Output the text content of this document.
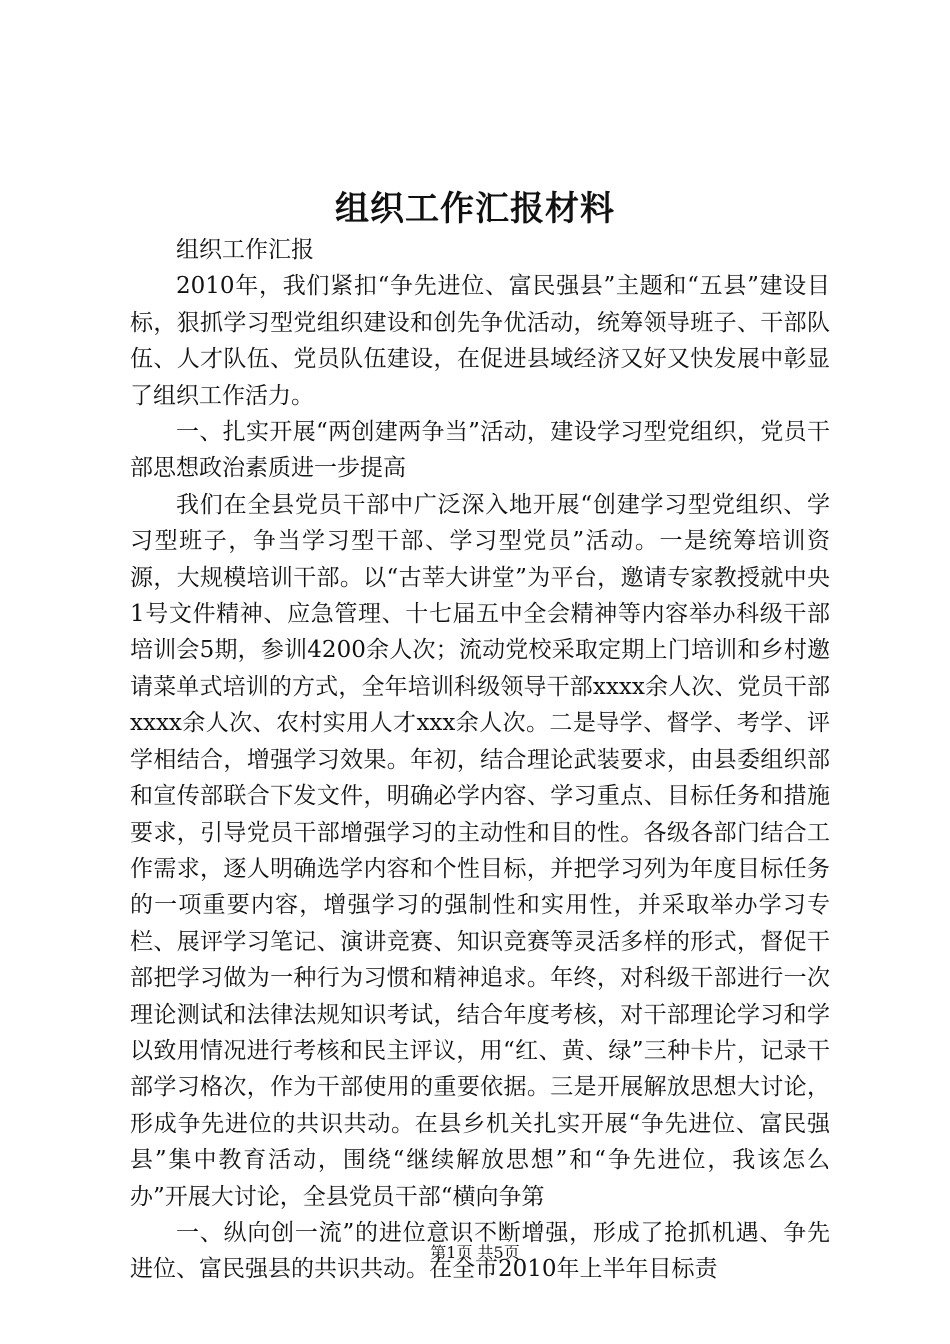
组织工作汇报材料

组织工作汇报

2010年，我们紧扣“争先进位、富民强县”主题和“五县”建设目标，狠抓学习型党组织建设和创先争优活动，统筹领导班子、干部队伍、人才队伍、党员队伍建设，在促进县域经济又好又快发展中彰显了组织工作活力。

一、扎实开展“两创建两争当”活动，建设学习型党组织，党员干部思想政治素质进一步提高

我们在全县党员干部中广泛深入地开展“创建学习型党组织、学习型班子，争当学习型干部、学习型党员”活动。一是统筹培训资源，大规模培训干部。以“古莘大讲堂”为平台，邀请专家教授就中央1号文件精神、应急管理、十七届五中全会精神等内容举办科级干部培训会5期，参训4200余人次；流动党校采取定期上门培训和乡村邀请菜单式培训的方式，全年培训科级领导干部xxxx余人次、党员干部xxxx余人次、农村实用人才xxx余人次。二是导学、督学、考学、评学相结合，增强学习效果。年初，结合理论武装要求，由县委组织部和宣传部联合下发文件，明确必学内容、学习重点、目标任务和措施要求，引导党员干部增强学习的主动性和目的性。各级各部门结合工作需求，逐人明确选学内容和个性目标，并把学习列为年度目标任务的一项重要内容，增强学习的强制性和实用性，并采取举办学习专栏、展评学习笔记、演讲竞赛、知识竞赛等灵活多样的形式，督促干部把学习做为一种行为习惯和精神追求。年终，对科级干部进行一次理论测试和法律法规知识考试，结合年度考核，对干部理论学习和学以致用情况进行考核和民主评议，用“红、黄、绿”三种卡片，记录干部学习格次，作为干部使用的重要依据。三是开展解放思想大讨论，形成争先进位的共识共动。在县乡机关扎实开展“争先进位、富民强县”集中教育活动，围绕“继续解放思想”和“争先进位，我该怎么办”开展大讨论，全县党员干部“横向争第

一、纵向创一流”的进位意识不断增强，形成了抢抓机遇、争先进位、富民强县的共识共动。在全市2010年上半年目标责

第1页 共5页
